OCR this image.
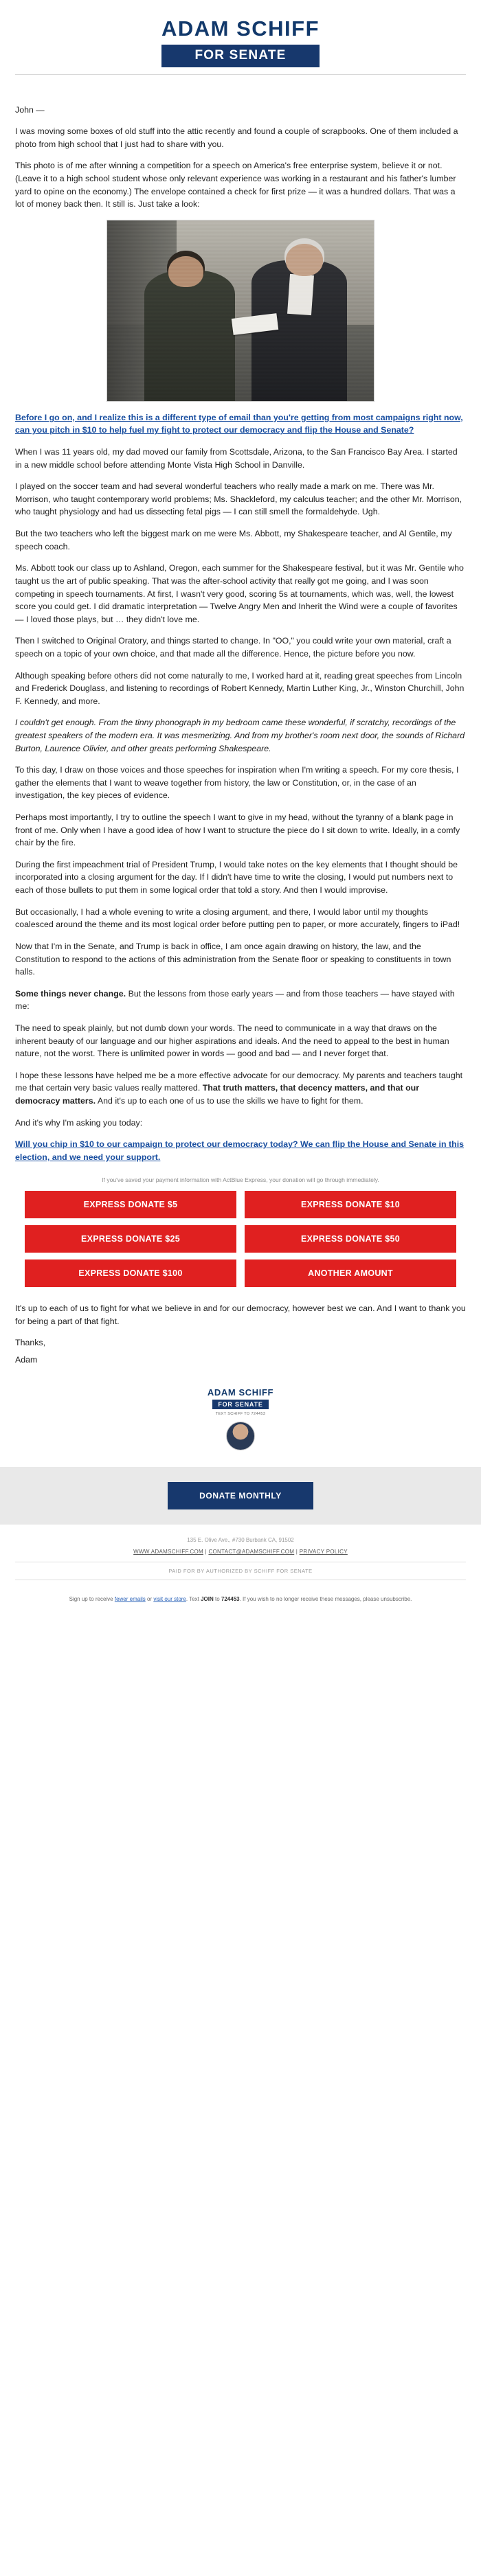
ADAM SCHIFF
FOR SENATE

John —

I was moving some boxes of old stuff into the attic recently and found a couple of scrapbooks. One of them included a photo from high school that I just had to share with you.

This photo is of me after winning a competition for a speech on America's free enterprise system, believe it or not. (Leave it to a high school student whose only relevant experience was working in a restaurant and his father's lumber yard to opine on the economy.) The envelope contained a check for first prize — it was a hundred dollars. That was a lot of money back then. It still is. Just take a look:

Before I go on, and I realize this is a different type of email than you're getting from most campaigns right now, can you pitch in $10 to help fuel my fight to protect our democracy and flip the House and Senate?

When I was 11 years old, my dad moved our family from Scottsdale, Arizona, to the San Francisco Bay Area. I started in a new middle school before attending Monte Vista High School in Danville.

I played on the soccer team and had several wonderful teachers who really made a mark on me. There was Mr. Morrison, who taught contemporary world problems; Ms. Shackleford, my calculus teacher; and the other Mr. Morrison, who taught physiology and had us dissecting fetal pigs — I can still smell the formaldehyde. Ugh.

But the two teachers who left the biggest mark on me were Ms. Abbott, my Shakespeare teacher, and Al Gentile, my speech coach.

Ms. Abbott took our class up to Ashland, Oregon, each summer for the Shakespeare festival, but it was Mr. Gentile who taught us the art of public speaking. That was the after-school activity that really got me going, and I was soon competing in speech tournaments. At first, I wasn't very good, scoring 5s at tournaments, which was, well, the lowest score you could get. I did dramatic interpretation — Twelve Angry Men and Inherit the Wind were a couple of favorites — I loved those plays, but … they didn't love me.

Then I switched to Original Oratory, and things started to change. In "OO," you could write your own material, craft a speech on a topic of your own choice, and that made all the difference. Hence, the picture before you now.

Although speaking before others did not come naturally to me, I worked hard at it, reading great speeches from Lincoln and Frederick Douglass, and listening to recordings of Robert Kennedy, Martin Luther King, Jr., Winston Churchill, John F. Kennedy, and more.

I couldn't get enough. From the tinny phonograph in my bedroom came these wonderful, if scratchy, recordings of the greatest speakers of the modern era. It was mesmerizing. And from my brother's room next door, the sounds of Richard Burton, Laurence Olivier, and other greats performing Shakespeare.

To this day, I draw on those voices and those speeches for inspiration when I'm writing a speech. For my core thesis, I gather the elements that I want to weave together from history, the law or Constitution, or, in the case of an investigation, the key pieces of evidence.

Perhaps most importantly, I try to outline the speech I want to give in my head, without the tyranny of a blank page in front of me. Only when I have a good idea of how I want to structure the piece do I sit down to write. Ideally, in a comfy chair by the fire.

During the first impeachment trial of President Trump, I would take notes on the key elements that I thought should be incorporated into a closing argument for the day. If I didn't have time to write the closing, I would put numbers next to each of those bullets to put them in some logical order that told a story. And then I would improvise.

But occasionally, I had a whole evening to write a closing argument, and there, I would labor until my thoughts coalesced around the theme and its most logical order before putting pen to paper, or more accurately, fingers to iPad!

Now that I'm in the Senate, and Trump is back in office, I am once again drawing on history, the law, and the Constitution to respond to the actions of this administration from the Senate floor or speaking to constituents in town halls.

Some things never change. But the lessons from those early years — and from those teachers — have stayed with me:

The need to speak plainly, but not dumb down your words. The need to communicate in a way that draws on the inherent beauty of our language and our higher aspirations and ideals. And the need to appeal to the best in human nature, not the worst. There is unlimited power in words — good and bad — and I never forget that.

I hope these lessons have helped me be a more effective advocate for our democracy. My parents and teachers taught me that certain very basic values really mattered. That truth matters, that decency matters, and that our democracy matters. And it's up to each one of us to use the skills we have to fight for them.

And it's why I'm asking you today:

Will you chip in $10 to our campaign to protect our democracy today? We can flip the House and Senate in this election, and we need your support.
If you've saved your payment information with ActBlue Express, your donation will go through immediately.
EXPRESS DONATE $5	EXPRESS DONATE $10
EXPRESS DONATE $25	EXPRESS DONATE $50
EXPRESS DONATE $100	ANOTHER AMOUNT

It's up to each of us to fight for what we believe in and for our democracy, however best we can. And I want to thank you for being a part of that fight.

Thanks,

Adam

ADAM SCHIFF
FOR SENATE
TEXT SCHIFF TO 724453
DONATE MONTHLY
135 E. Olive Ave., #730 Burbank CA, 91502
WWW.ADAMSCHIFF.COM | CONTACT@ADAMSCHIFF.COM | PRIVACY POLICY
PAID FOR BY AUTHORIZED BY SCHIFF FOR SENATE
Sign up to receive fewer emails or visit our store. Text JOIN to 724453. If you wish to no longer receive these messages, please unsubscribe.
